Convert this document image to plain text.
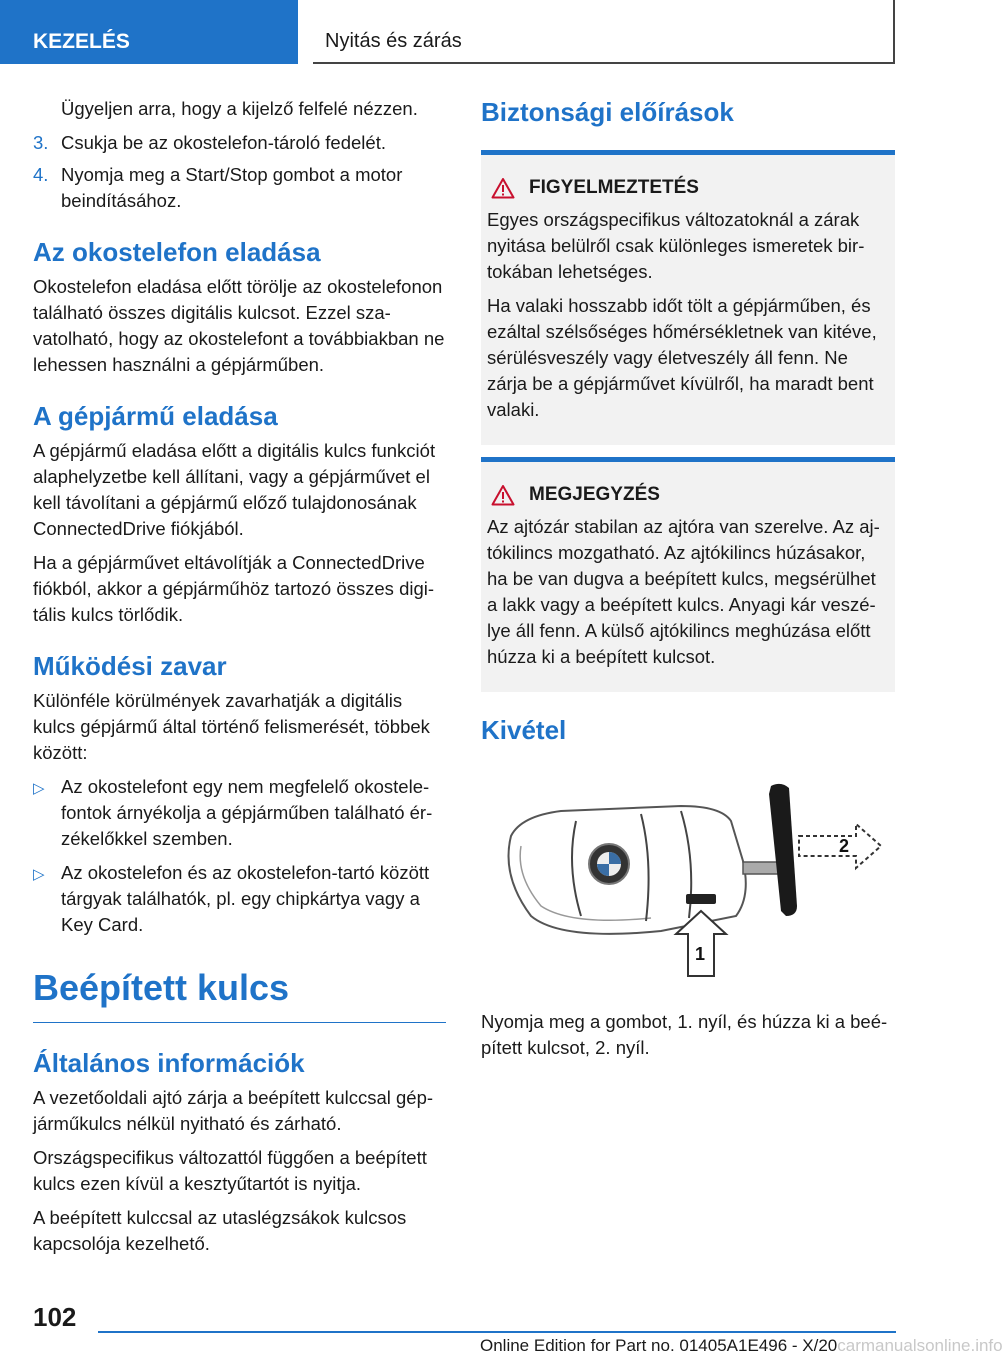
KEZELÉS	Nyitás és zárás

Ügyeljen arra, hogy a kijelző felfelé nézzen.

3. Csukja be az okostelefon-tároló fedelét.
4. Nyomja meg a Start/Stop gombot a motor beindításához.
Az okostelefon eladása

Okostelefon eladása előtt törölje az okostelefonon található összes digitális kulcsot. Ezzel szavatolható, hogy az okostelefont a továbbiakban ne lehessen használni a gépjárműben.

A gépjármű eladása

A gépjármű eladása előtt a digitális kulcs funkciót alaphelyzetbe kell állítani, vagy a gépjárművet el kell távolítani a gépjármű előző tulajdonosának ConnectedDrive fiókjából.

Ha a gépjárművet eltávolítják a ConnectedDrive fiókból, akkor a gépjárműhöz tartozó összes digitális kulcs törlődik.

Működési zavar

Különféle körülmények zavarhatják a digitális kulcs gépjármű által történő felismerését, többek között:

▷ Az okostelefont egy nem megfelelő okostelefontok árnyékolja a gépjárműben található érzékelőkkel szemben.
▷ Az okostelefon és az okostelefon-tartó között tárgyak találhatók, pl. egy chipkártya vagy a Key Card.
Beépített kulcs
Általános információk

A vezetőoldali ajtó zárja a beépített kulccsal gépjárműkulcs nélkül nyitható és zárható.

Országspecifikus változattól függően a beépített kulcs ezen kívül a kesztyűtartót is nyitja.

A beépített kulccsal az utaslégzsákok kulcsos kapcsolója kezelhető.

Biztonsági előírások
FIGYELMEZTETÉS

Egyes országspecifikus változatoknál a zárak nyitása belülről csak különleges ismeretek birtokában lehetséges.

Ha valaki hosszabb időt tölt a gépjárműben, és ezáltal szélsőséges hőmérsékletnek van kitéve, sérülésveszély vagy életveszély áll fenn. Ne zárja be a gépjárművet kívülről, ha maradt bent valaki.

MEGJEGYZÉS

Az ajtózár stabilan az ajtóra van szerelve. Az ajtókilincs mozgatható. Az ajtókilincs húzásakor, ha be van dugva a beépített kulcs, megsérülhet a lakk vagy a beépített kulcs. Anyagi kár veszélye áll fenn. A külső ajtókilincs meghúzása előtt húzza ki a beépített kulcsot.

Kivétel
2
1

Nyomja meg a gombot, 1. nyíl, és húzza ki a beépített kulcsot, 2. nyíl.

102
Online Edition for Part no. 01405A1E496 - X/20carmanualsonline.info
